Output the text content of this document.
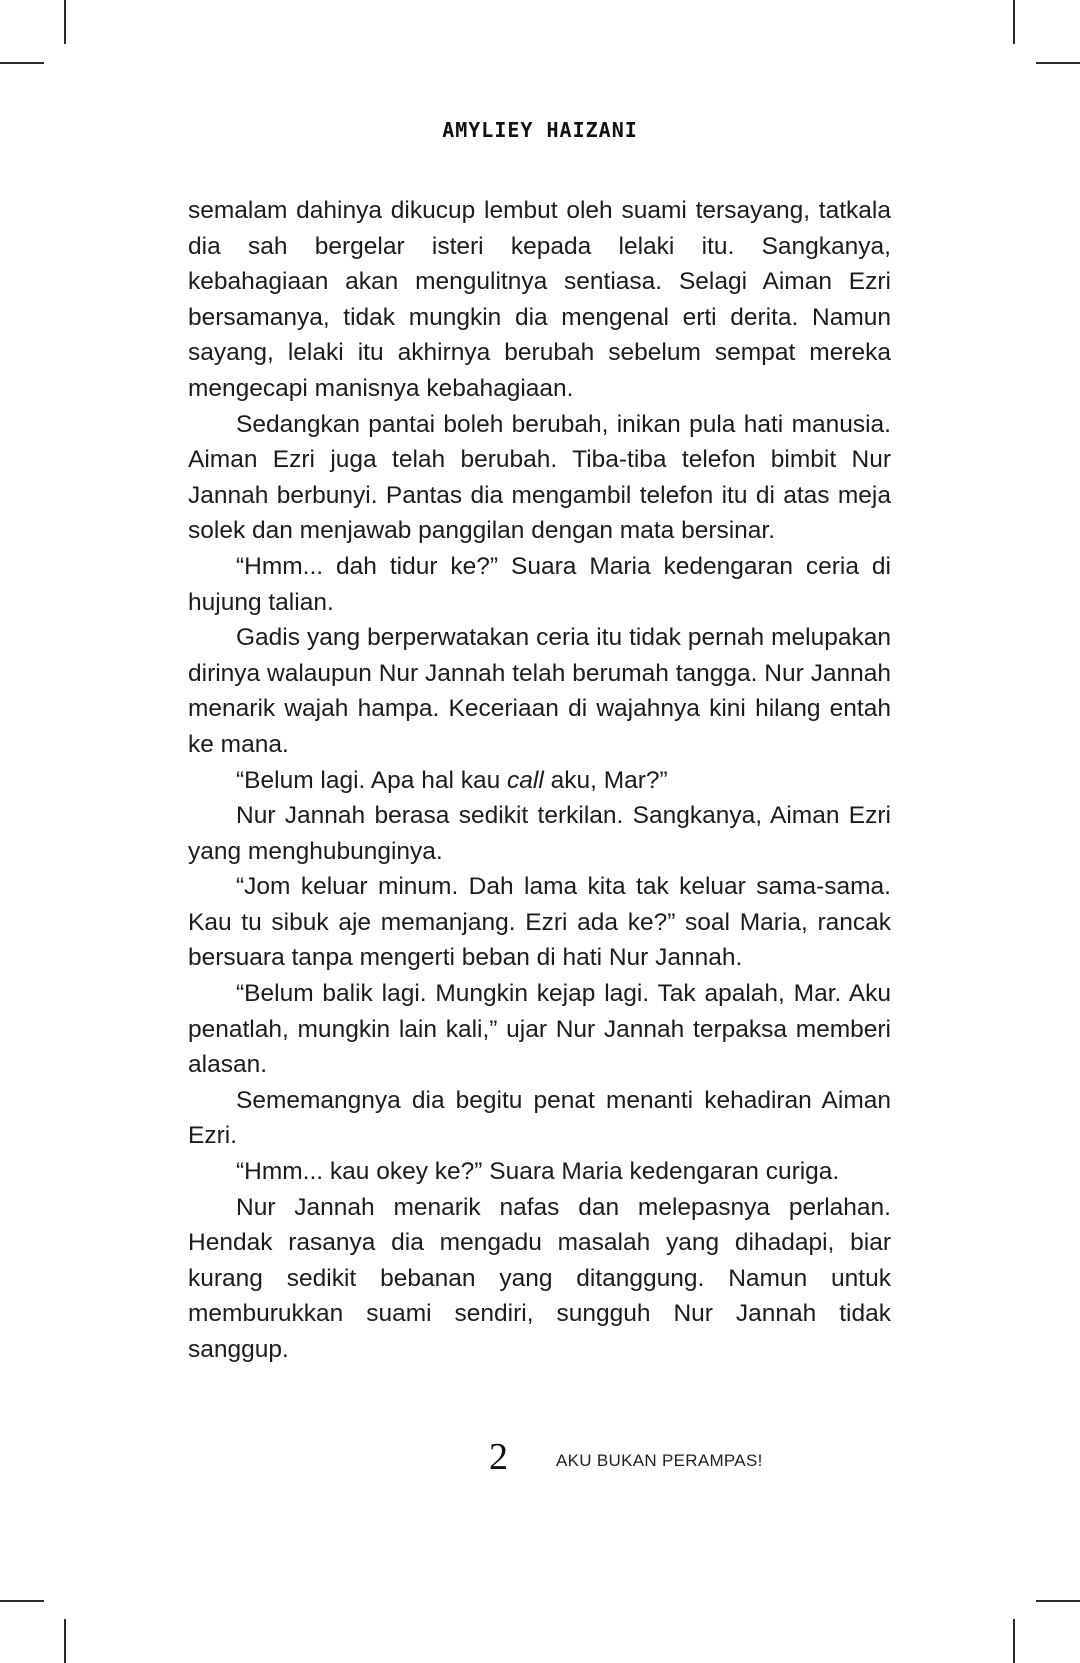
AMYLIEY HAIZANI

semalam dahinya dikucup lembut oleh suami tersayang, tatkala dia sah bergelar isteri kepada lelaki itu. Sangkanya, kebahagiaan akan mengulitnya sentiasa. Selagi Aiman Ezri bersamanya, tidak mungkin dia mengenal erti derita. Namun sayang, lelaki itu akhirnya berubah sebelum sempat mereka mengecapi manisnya kebahagiaan.

Sedangkan pantai boleh berubah, inikan pula hati manusia. Aiman Ezri juga telah berubah. Tiba-tiba telefon bimbit Nur Jannah berbunyi. Pantas dia mengambil telefon itu di atas meja solek dan menjawab panggilan dengan mata bersinar.

“Hmm... dah tidur ke?” Suara Maria kedengaran ceria di hujung talian.

Gadis yang berperwatakan ceria itu tidak pernah melupakan dirinya walaupun Nur Jannah telah berumah tangga. Nur Jannah menarik wajah hampa. Keceriaan di wajahnya kini hilang entah ke mana.

“Belum lagi. Apa hal kau call aku, Mar?”

Nur Jannah berasa sedikit terkilan. Sangkanya, Aiman Ezri yang menghubunginya.

“Jom keluar minum. Dah lama kita tak keluar sama-sama. Kau tu sibuk aje memanjang. Ezri ada ke?” soal Maria, rancak bersuara tanpa mengerti beban di hati Nur Jannah.

“Belum balik lagi. Mungkin kejap lagi. Tak apalah, Mar. Aku penatlah, mungkin lain kali,” ujar Nur Jannah terpaksa memberi alasan.

Sememangnya dia begitu penat menanti kehadiran Aiman Ezri.

“Hmm... kau okey ke?” Suara Maria kedengaran curiga.

Nur Jannah menarik nafas dan melepasnya perlahan. Hendak rasanya dia mengadu masalah yang dihadapi, biar kurang sedikit bebanan yang ditanggung. Namun untuk memburukkan suami sendiri, sungguh Nur Jannah tidak sanggup.

2	AKU BUKAN PERAMPAS!
